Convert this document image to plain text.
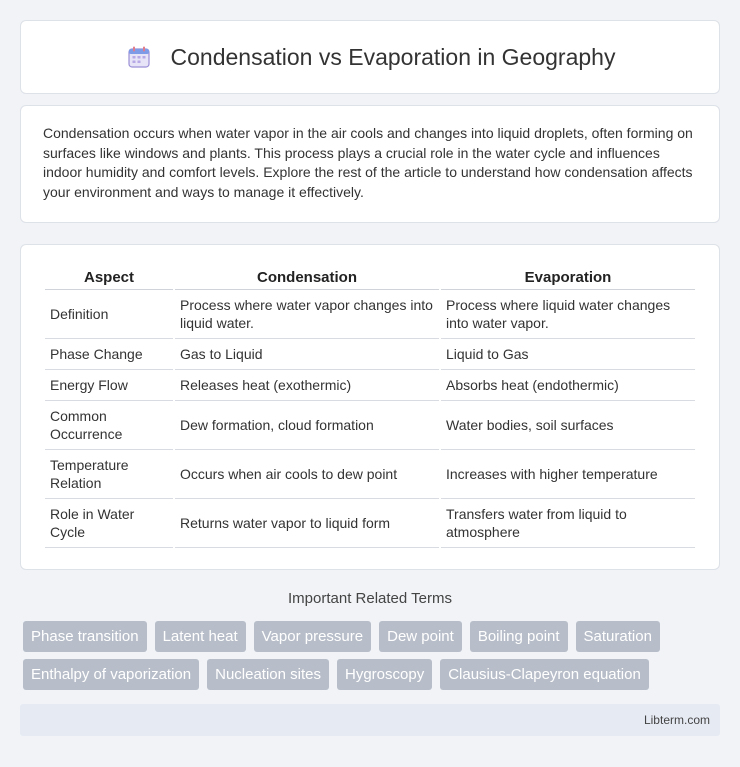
Condensation vs Evaporation in Geography

Condensation occurs when water vapor in the air cools and changes into liquid droplets, often forming on surfaces like windows and plants. This process plays a crucial role in the water cycle and influences indoor humidity and comfort levels. Explore the rest of the article to understand how condensation affects your environment and ways to manage it effectively.

Aspect	Condensation	Evaporation
Definition	Process where water vapor changes into liquid water.	Process where liquid water changes into water vapor.
Phase Change	Gas to Liquid	Liquid to Gas
Energy Flow	Releases heat (exothermic)	Absorbs heat (endothermic)
Common Occurrence	Dew formation, cloud formation	Water bodies, soil surfaces
Temperature Relation	Occurs when air cools to dew point	Increases with higher temperature
Role in Water Cycle	Returns water vapor to liquid form	Transfers water from liquid to atmosphere
Important Related Terms
Phase transition	Latent heat	Vapor pressure	Dew point	Boiling point	Saturation
Enthalpy of vaporization	Nucleation sites	Hygroscopy	Clausius-Clapeyron equation
Libterm.com
